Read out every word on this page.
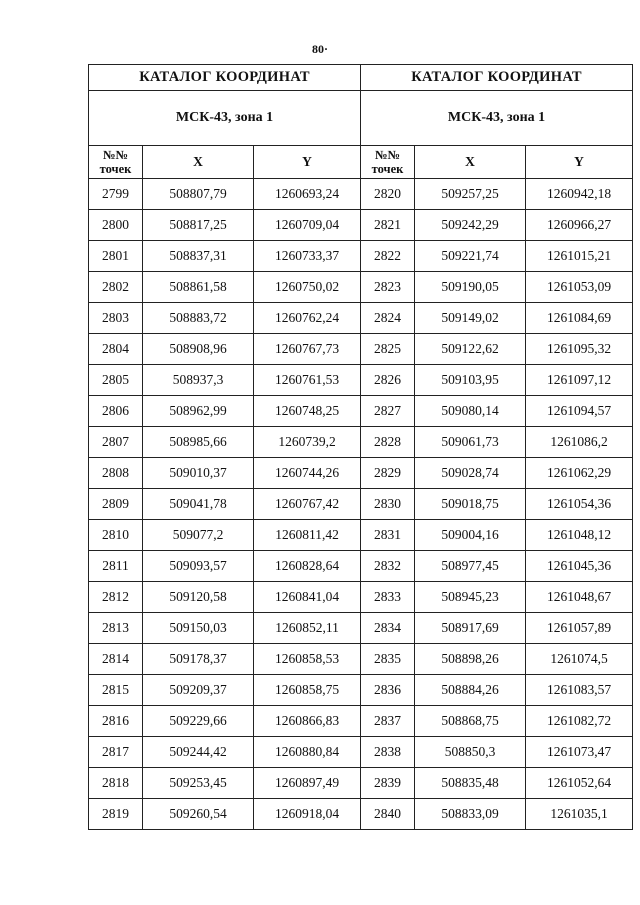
80·
КАТАЛОГ КООРДИНАТ		
МСК-43, зона 1		

№№
точек	X	Y
2799	508807,79	1260693,24
2800	508817,25	1260709,04
2801	508837,31	1260733,37
2802	508861,58	1260750,02
2803	508883,72	1260762,24
2804	508908,96	1260767,73
2805	508937,3	1260761,53
2806	508962,99	1260748,25
2807	508985,66	1260739,2
2808	509010,37	1260744,26
2809	509041,78	1260767,42
2810	509077,2	1260811,42
2811	509093,57	1260828,64
2812	509120,58	1260841,04
2813	509150,03	1260852,11
2814	509178,37	1260858,53
2815	509209,37	1260858,75
2816	509229,66	1260866,83
2817	509244,42	1260880,84
2818	509253,45	1260897,49
2819	509260,54	1260918,04
КАТАЛОГ КООРДИНАТ		
МСК-43, зона 1		

№№
точек	X	Y
2820	509257,25	1260942,18
2821	509242,29	1260966,27
2822	509221,74	1261015,21
2823	509190,05	1261053,09
2824	509149,02	1261084,69
2825	509122,62	1261095,32
2826	509103,95	1261097,12
2827	509080,14	1261094,57
2828	509061,73	1261086,2
2829	509028,74	1261062,29
2830	509018,75	1261054,36
2831	509004,16	1261048,12
2832	508977,45	1261045,36
2833	508945,23	1261048,67
2834	508917,69	1261057,89
2835	508898,26	1261074,5
2836	508884,26	1261083,57
2837	508868,75	1261082,72
2838	508850,3	1261073,47
2839	508835,48	1261052,64
2840	508833,09	1261035,1
